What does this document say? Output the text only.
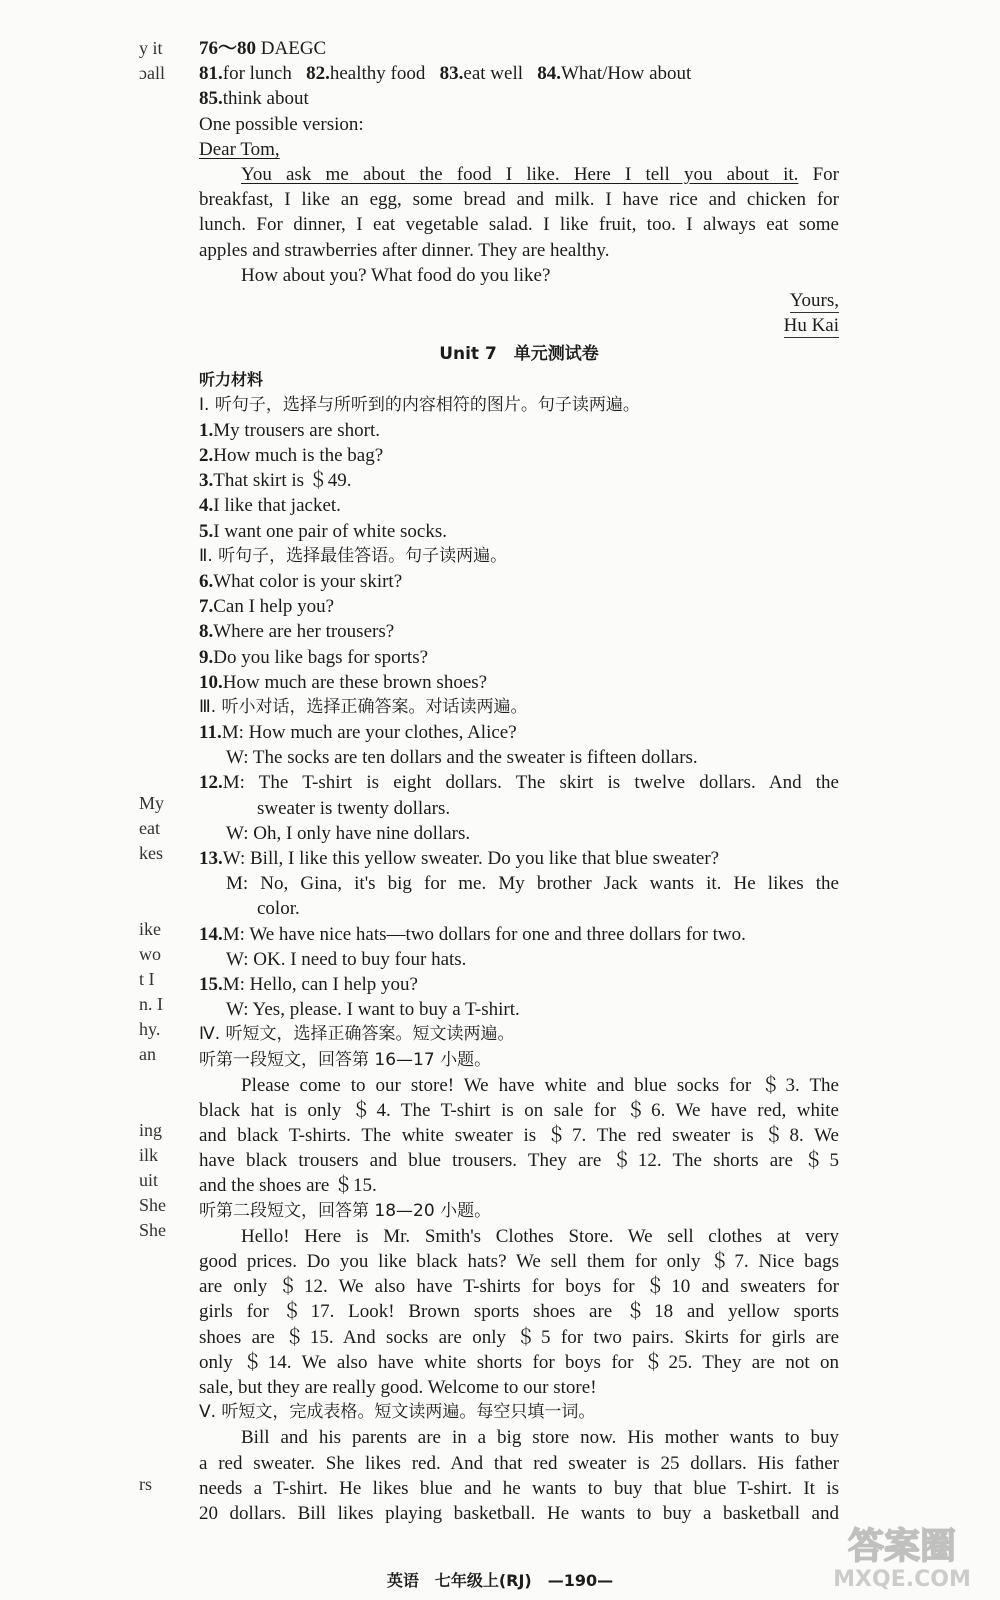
y it
ɔall
My
eat
kes
ike
wo
t I
n. I
hy.
an
ing
ilk
uit
She
She
rs
76～80 DAEGC
81.for lunch 82.healthy food 83.eat well 84.What/How about
85.think about
One possible version:
Dear Tom,
You ask me about the food I like. Here I tell you about it. For
breakfast, I like an egg, some bread and milk. I have rice and chicken for
lunch. For dinner, I eat vegetable salad. I like fruit, too. I always eat some
apples and strawberries after dinner. They are healthy.
How about you? What food do you like?
Yours,
Hu Kai
Unit 7　单元测试卷
听力材料
Ⅰ. 听句子，选择与所听到的内容相符的图片。句子读两遍。
1.My trousers are short.
2.How much is the bag?
3.That skirt is ＄49.
4.I like that jacket.
5.I want one pair of white socks.
Ⅱ. 听句子，选择最佳答语。句子读两遍。
6.What color is your skirt?
7.Can I help you?
8.Where are her trousers?
9.Do you like bags for sports?
10.How much are these brown shoes?
Ⅲ. 听小对话，选择正确答案。对话读两遍。
11.M: How much are your clothes, Alice?
W: The socks are ten dollars and the sweater is fifteen dollars.
12.M: The T-shirt is eight dollars. The skirt is twelve dollars. And the
sweater is twenty dollars.
W: Oh, I only have nine dollars.
13.W: Bill, I like this yellow sweater. Do you like that blue sweater?
M: No, Gina, it's big for me. My brother Jack wants it. He likes the
color.
14.M: We have nice hats—two dollars for one and three dollars for two.
W: OK. I need to buy four hats.
15.M: Hello, can I help you?
W: Yes, please. I want to buy a T-shirt.
Ⅳ. 听短文，选择正确答案。短文读两遍。
听第一段短文，回答第 16—17 小题。
Please come to our store! We have white and blue socks for ＄3. The
black hat is only ＄4. The T-shirt is on sale for ＄6. We have red, white
and black T-shirts. The white sweater is ＄7. The red sweater is ＄8. We
have black trousers and blue trousers. They are ＄12. The shorts are ＄5
and the shoes are ＄15.
听第二段短文，回答第 18—20 小题。
Hello! Here is Mr. Smith's Clothes Store. We sell clothes at very
good prices. Do you like black hats? We sell them for only ＄7. Nice bags
are only ＄12. We also have T-shirts for boys for ＄10 and sweaters for
girls for ＄17. Look! Brown sports shoes are ＄18 and yellow sports
shoes are ＄15. And socks are only ＄5 for two pairs. Skirts for girls are
only ＄14. We also have white shorts for boys for ＄25. They are not on
sale, but they are really good. Welcome to our store!
Ⅴ. 听短文，完成表格。短文读两遍。每空只填一词。
Bill and his parents are in a big store now. His mother wants to buy
a red sweater. She likes red. And that red sweater is 25 dollars. His father
needs a T-shirt. He likes blue and he wants to buy that blue T-shirt. It is
20 dollars. Bill likes playing basketball. He wants to buy a basketball and
英语　七年级上(RJ)　—190—
答案圈
MXQE.COM
